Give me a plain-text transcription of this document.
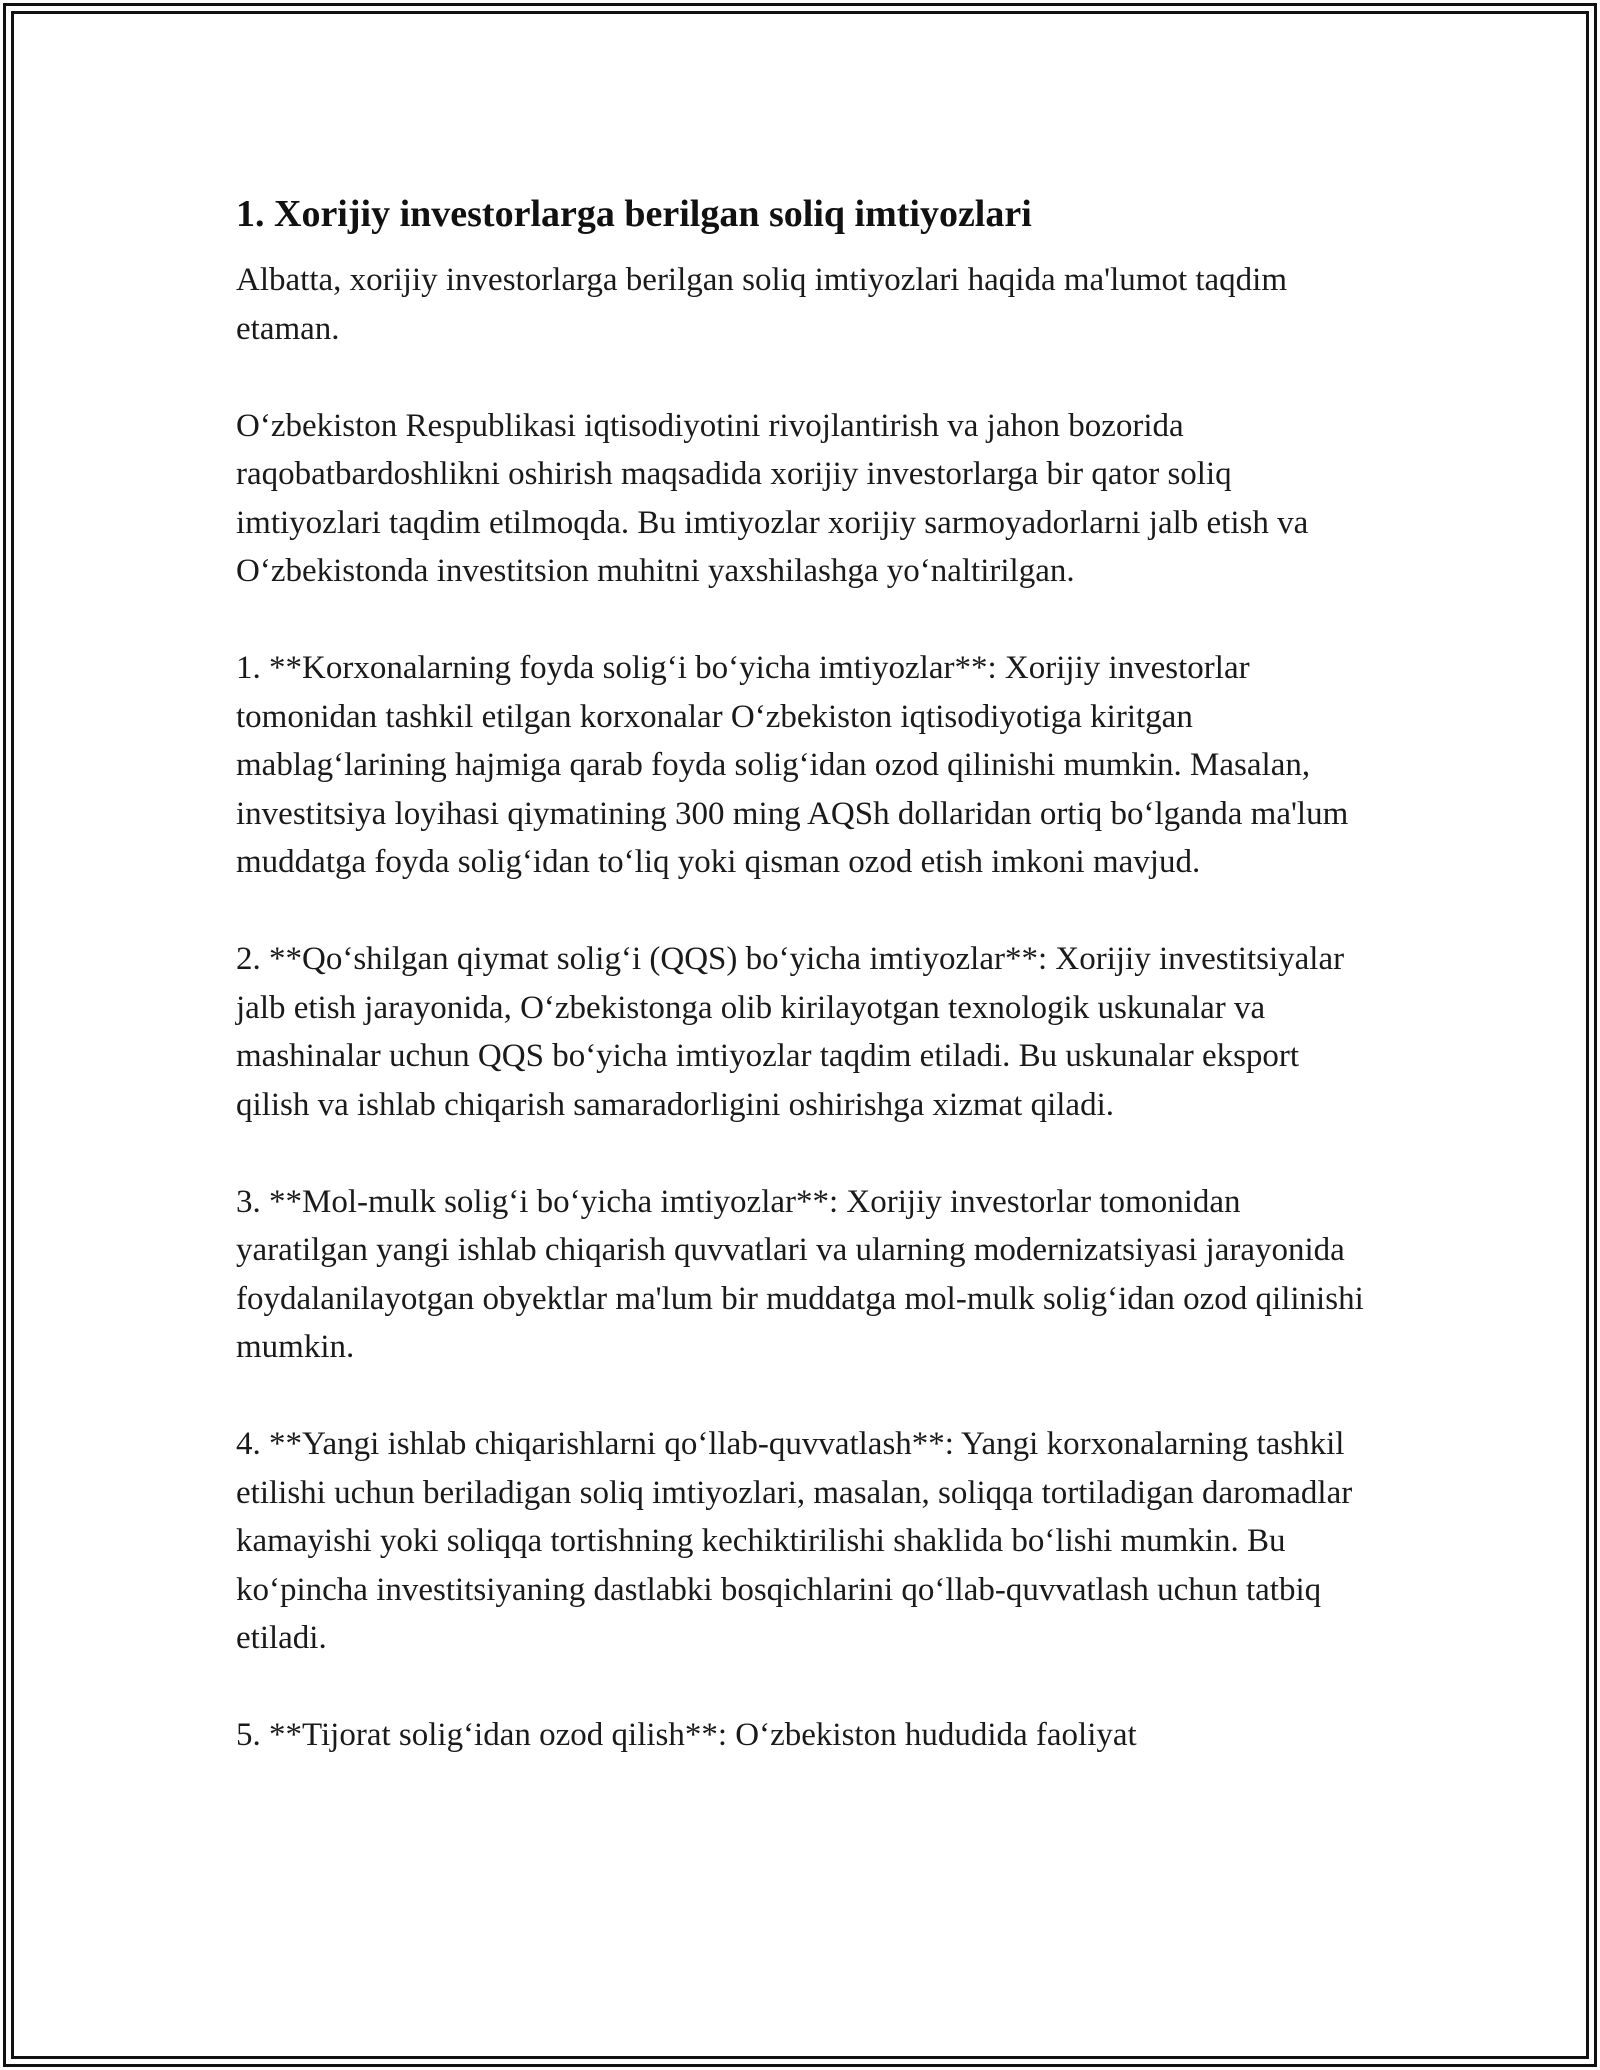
1. Xorijiy investorlarga berilgan soliq imtiyozlari

Albatta, xorijiy investorlarga berilgan soliq imtiyozlari haqida ma'lumot taqdim etaman.

O‘zbekiston Respublikasi iqtisodiyotini rivojlantirish va jahon bozorida raqobatbardoshlikni oshirish maqsadida xorijiy investorlarga bir qator soliq imtiyozlari taqdim etilmoqda. Bu imtiyozlar xorijiy sarmoyadorlarni jalb etish va O‘zbekistonda investitsion muhitni yaxshilashga yo‘naltirilgan.

1. **Korxonalarning foyda solig‘i bo‘yicha imtiyozlar**: Xorijiy investorlar tomonidan tashkil etilgan korxonalar O‘zbekiston iqtisodiyotiga kiritgan mablag‘larining hajmiga qarab foyda solig‘idan ozod qilinishi mumkin. Masalan, investitsiya loyihasi qiymatining 300 ming AQSh dollaridan ortiq bo‘lganda ma'lum muddatga foyda solig‘idan to‘liq yoki qisman ozod etish imkoni mavjud.

2. **Qo‘shilgan qiymat solig‘i (QQS) bo‘yicha imtiyozlar**: Xorijiy investitsiyalar jalb etish jarayonida, O‘zbekistonga olib kirilayotgan texnologik uskunalar va mashinalar uchun QQS bo‘yicha imtiyozlar taqdim etiladi. Bu uskunalar eksport qilish va ishlab chiqarish samaradorligini oshirishga xizmat qiladi.

3. **Mol-mulk solig‘i bo‘yicha imtiyozlar**: Xorijiy investorlar tomonidan yaratilgan yangi ishlab chiqarish quvvatlari va ularning modernizatsiyasi jarayonida foydalanilayotgan obyektlar ma'lum bir muddatga mol-mulk solig‘idan ozod qilinishi mumkin.

4. **Yangi ishlab chiqarishlarni qo‘llab-quvvatlash**: Yangi korxonalarning tashkil etilishi uchun beriladigan soliq imtiyozlari, masalan, soliqqa tortiladigan daromadlar kamayishi yoki soliqqa tortishning kechiktirilishi shaklida bo‘lishi mumkin. Bu ko‘pincha investitsiyaning dastlabki bosqichlarini qo‘llab-quvvatlash uchun tatbiq etiladi.

5. **Tijorat solig‘idan ozod qilish**: O‘zbekiston hududida faoliyat
